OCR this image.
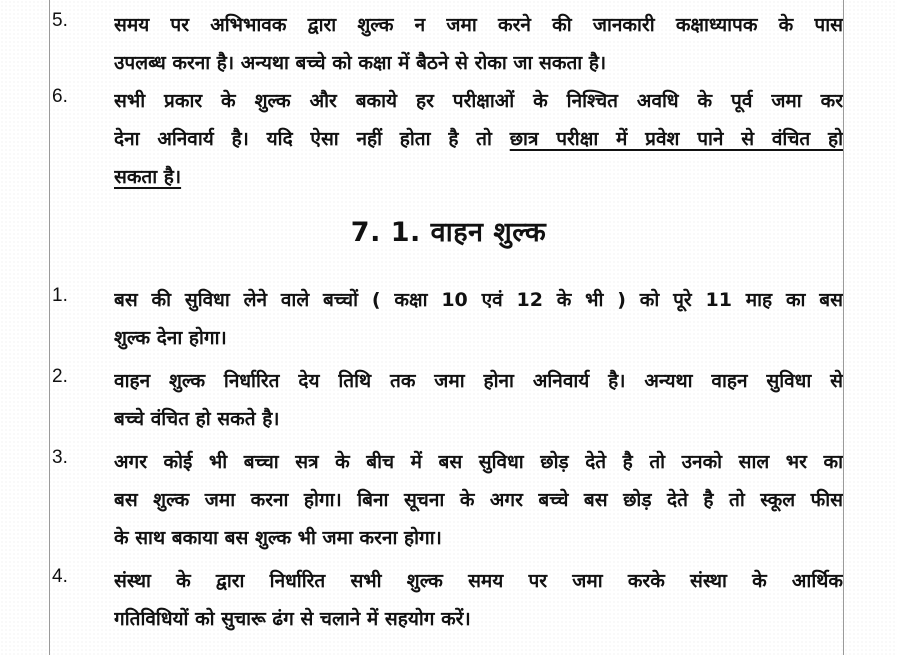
5. समय पर अभिभावक द्वारा शुल्क न जमा करने की जानकारी कक्षाध्यापक के पास
उपलब्ध करना है। अन्यथा बच्चे को कक्षा में बैठने से रोका जा सकता है।
6. सभी प्रकार के शुल्क और बकाये हर परीक्षाओं के निश्चित अवधि के पूर्व जमा कर
देना अनिवार्य है। यदि ऐसा नहीं होता है तो छात्र परीक्षा में प्रवेश पाने से वंचित हो
सकता है।
7. 1. वाहन शुल्क
1. बस की सुविधा लेने वाले बच्चों ( कक्षा 10 एवं 12 के भी ) को पूरे 11 माह का बस
शुल्क देना होगा।
2. वाहन शुल्क निर्धारित देय तिथि तक जमा होना अनिवार्य है। अन्यथा वाहन सुविधा से
बच्चे वंचित हो सकते है।
3. अगर कोई भी बच्चा सत्र के बीच में बस सुविधा छोड़ देते है तो उनको साल भर का
बस शुल्क जमा करना होगा। बिना सूचना के अगर बच्चे बस छोड़ देते है तो स्कूल फीस
के साथ बकाया बस शुल्क भी जमा करना होगा।
4. संस्था के द्वारा निर्धारित सभी शुल्क समय पर जमा करके संस्था के आर्थिक
गतिविधियों को सुचारू ढंग से चलाने में सहयोग करें।
